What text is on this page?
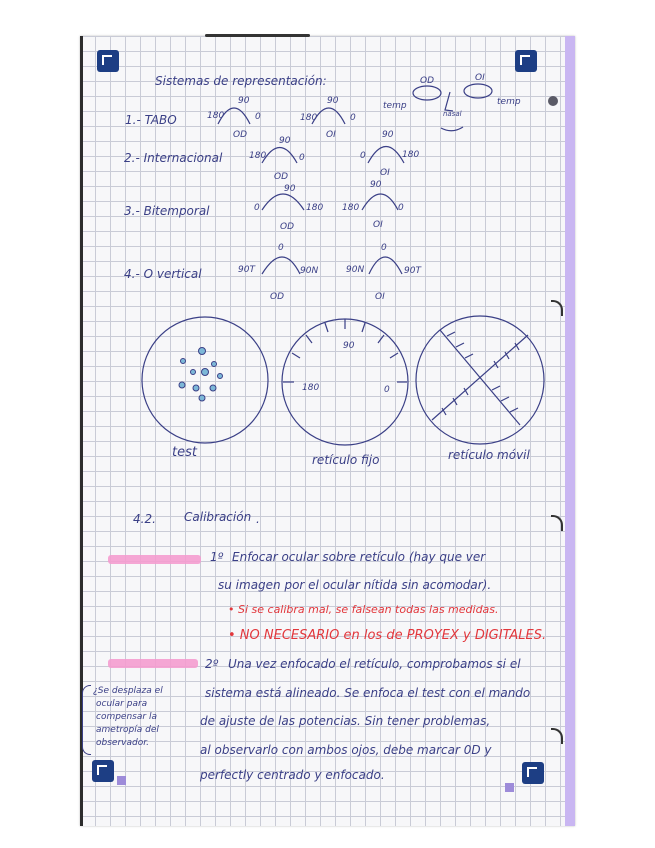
Sistemas de representación:	OD	OI
temp	temp
nasal
1.- TABO
90
180	0
OD
90
180	0
OI
2.- Internacional
90
180	0
OD
90
0	180
OI
3.- Bitemporal
90
0	180
OD
90
180	0
OI
4.- O vertical
0
90T	90N
OD
0
90N	90T
OI
90
180	0
test	retículo fijo	retículo móvil
4.2. Calibración .
1º Enfocar ocular sobre retículo (hay que ver
su imagen por el ocular nítida sin acomodar).
• Si se calibra mal, se falsean todas las medidas.
• NO NECESARIO en los de PROYEX y DIGITALES.
2º Una vez enfocado el retículo, comprobamos si el
sistema está alineado. Se enfoca el test con el mando
de ajuste de las potencias. Sin tener problemas,
al observarlo con ambos ojos, debe marcar 0D y
perfectly centrado y enfocado.
¿Se desplaza el
ocular para
compensar la
ametropía del
observador.
